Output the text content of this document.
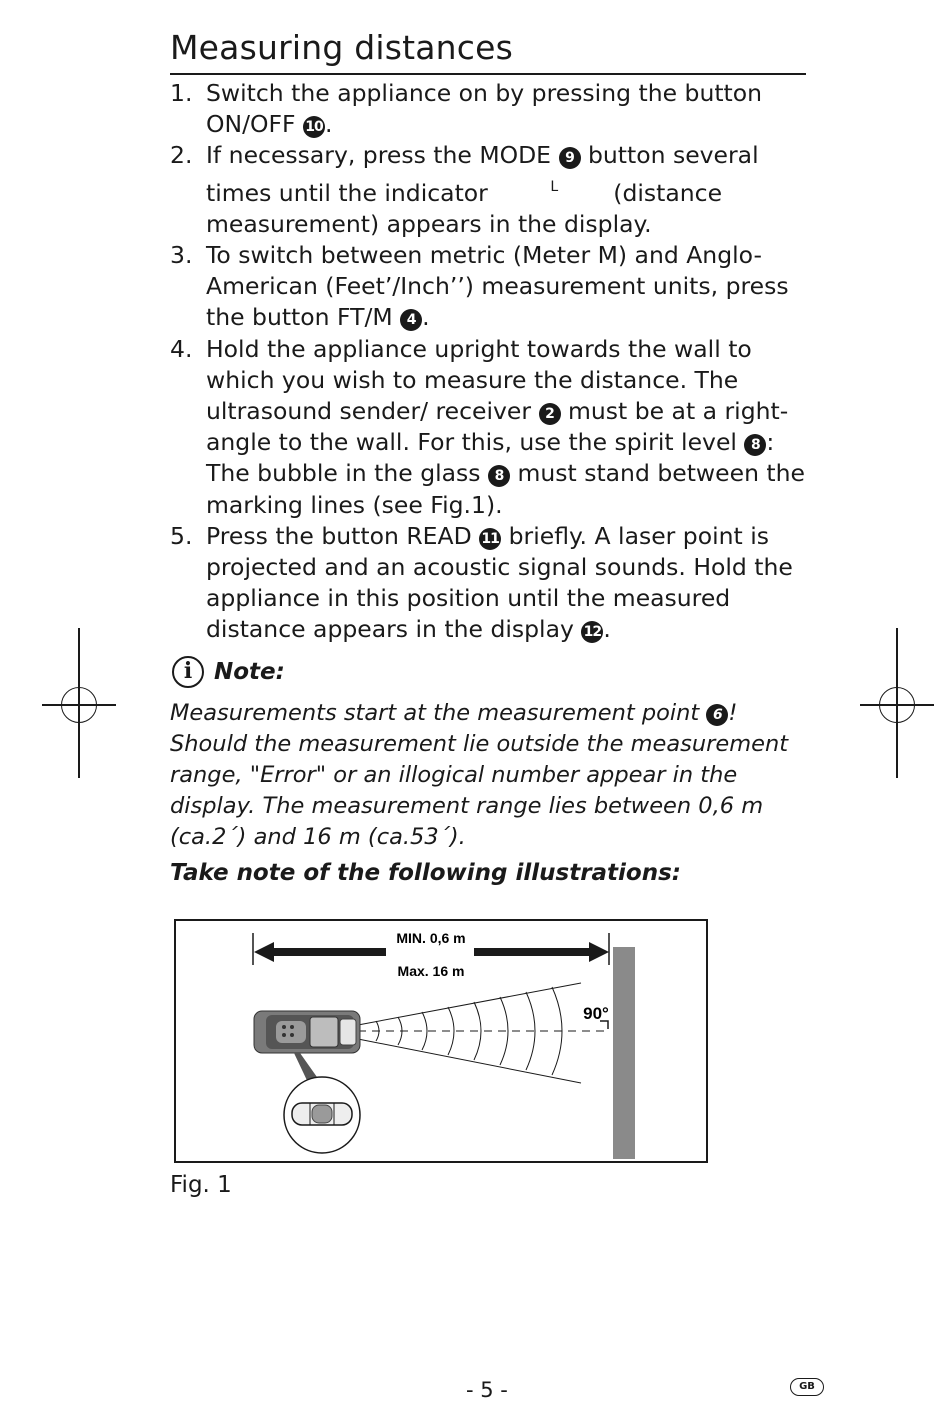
Measuring distances
1. Switch the appliance on by pressing the button ON/OFF 10.
2. If necessary, press the MODE 9 button several times until the indicator	L (distance measurement) appears in the display.
3. To switch between metric (Meter M) and Anglo-American (Feet’/Inch’’) measurement units, press the button FT/M 4 .
4. Hold the appliance upright towards the wall to which you wish to measure the distance. The ultrasound sender/ receiver 2 must be at a right-angle to the wall. For this, use the spirit level 8 :
The bubble in the glass 8 must stand between the marking lines (see Fig.1).
5. Press the button READ 11 briefly. A laser point is projected and an acoustic signal sounds. Hold the appliance in this position until the measured distance appears in the display 12.
i Note:
Measurements start at the measurement point 6 ! Should the measurement lie outside the measurement range, "Error" or an illogical number appear in the display. The measurement range lies between 0,6 m (ca.2´) and 16 m (ca.53´).
Take note of the following illustrations:
MIN. 0,6 m
Max. 16 m
90°
Fig. 1
- 5 -	GB
